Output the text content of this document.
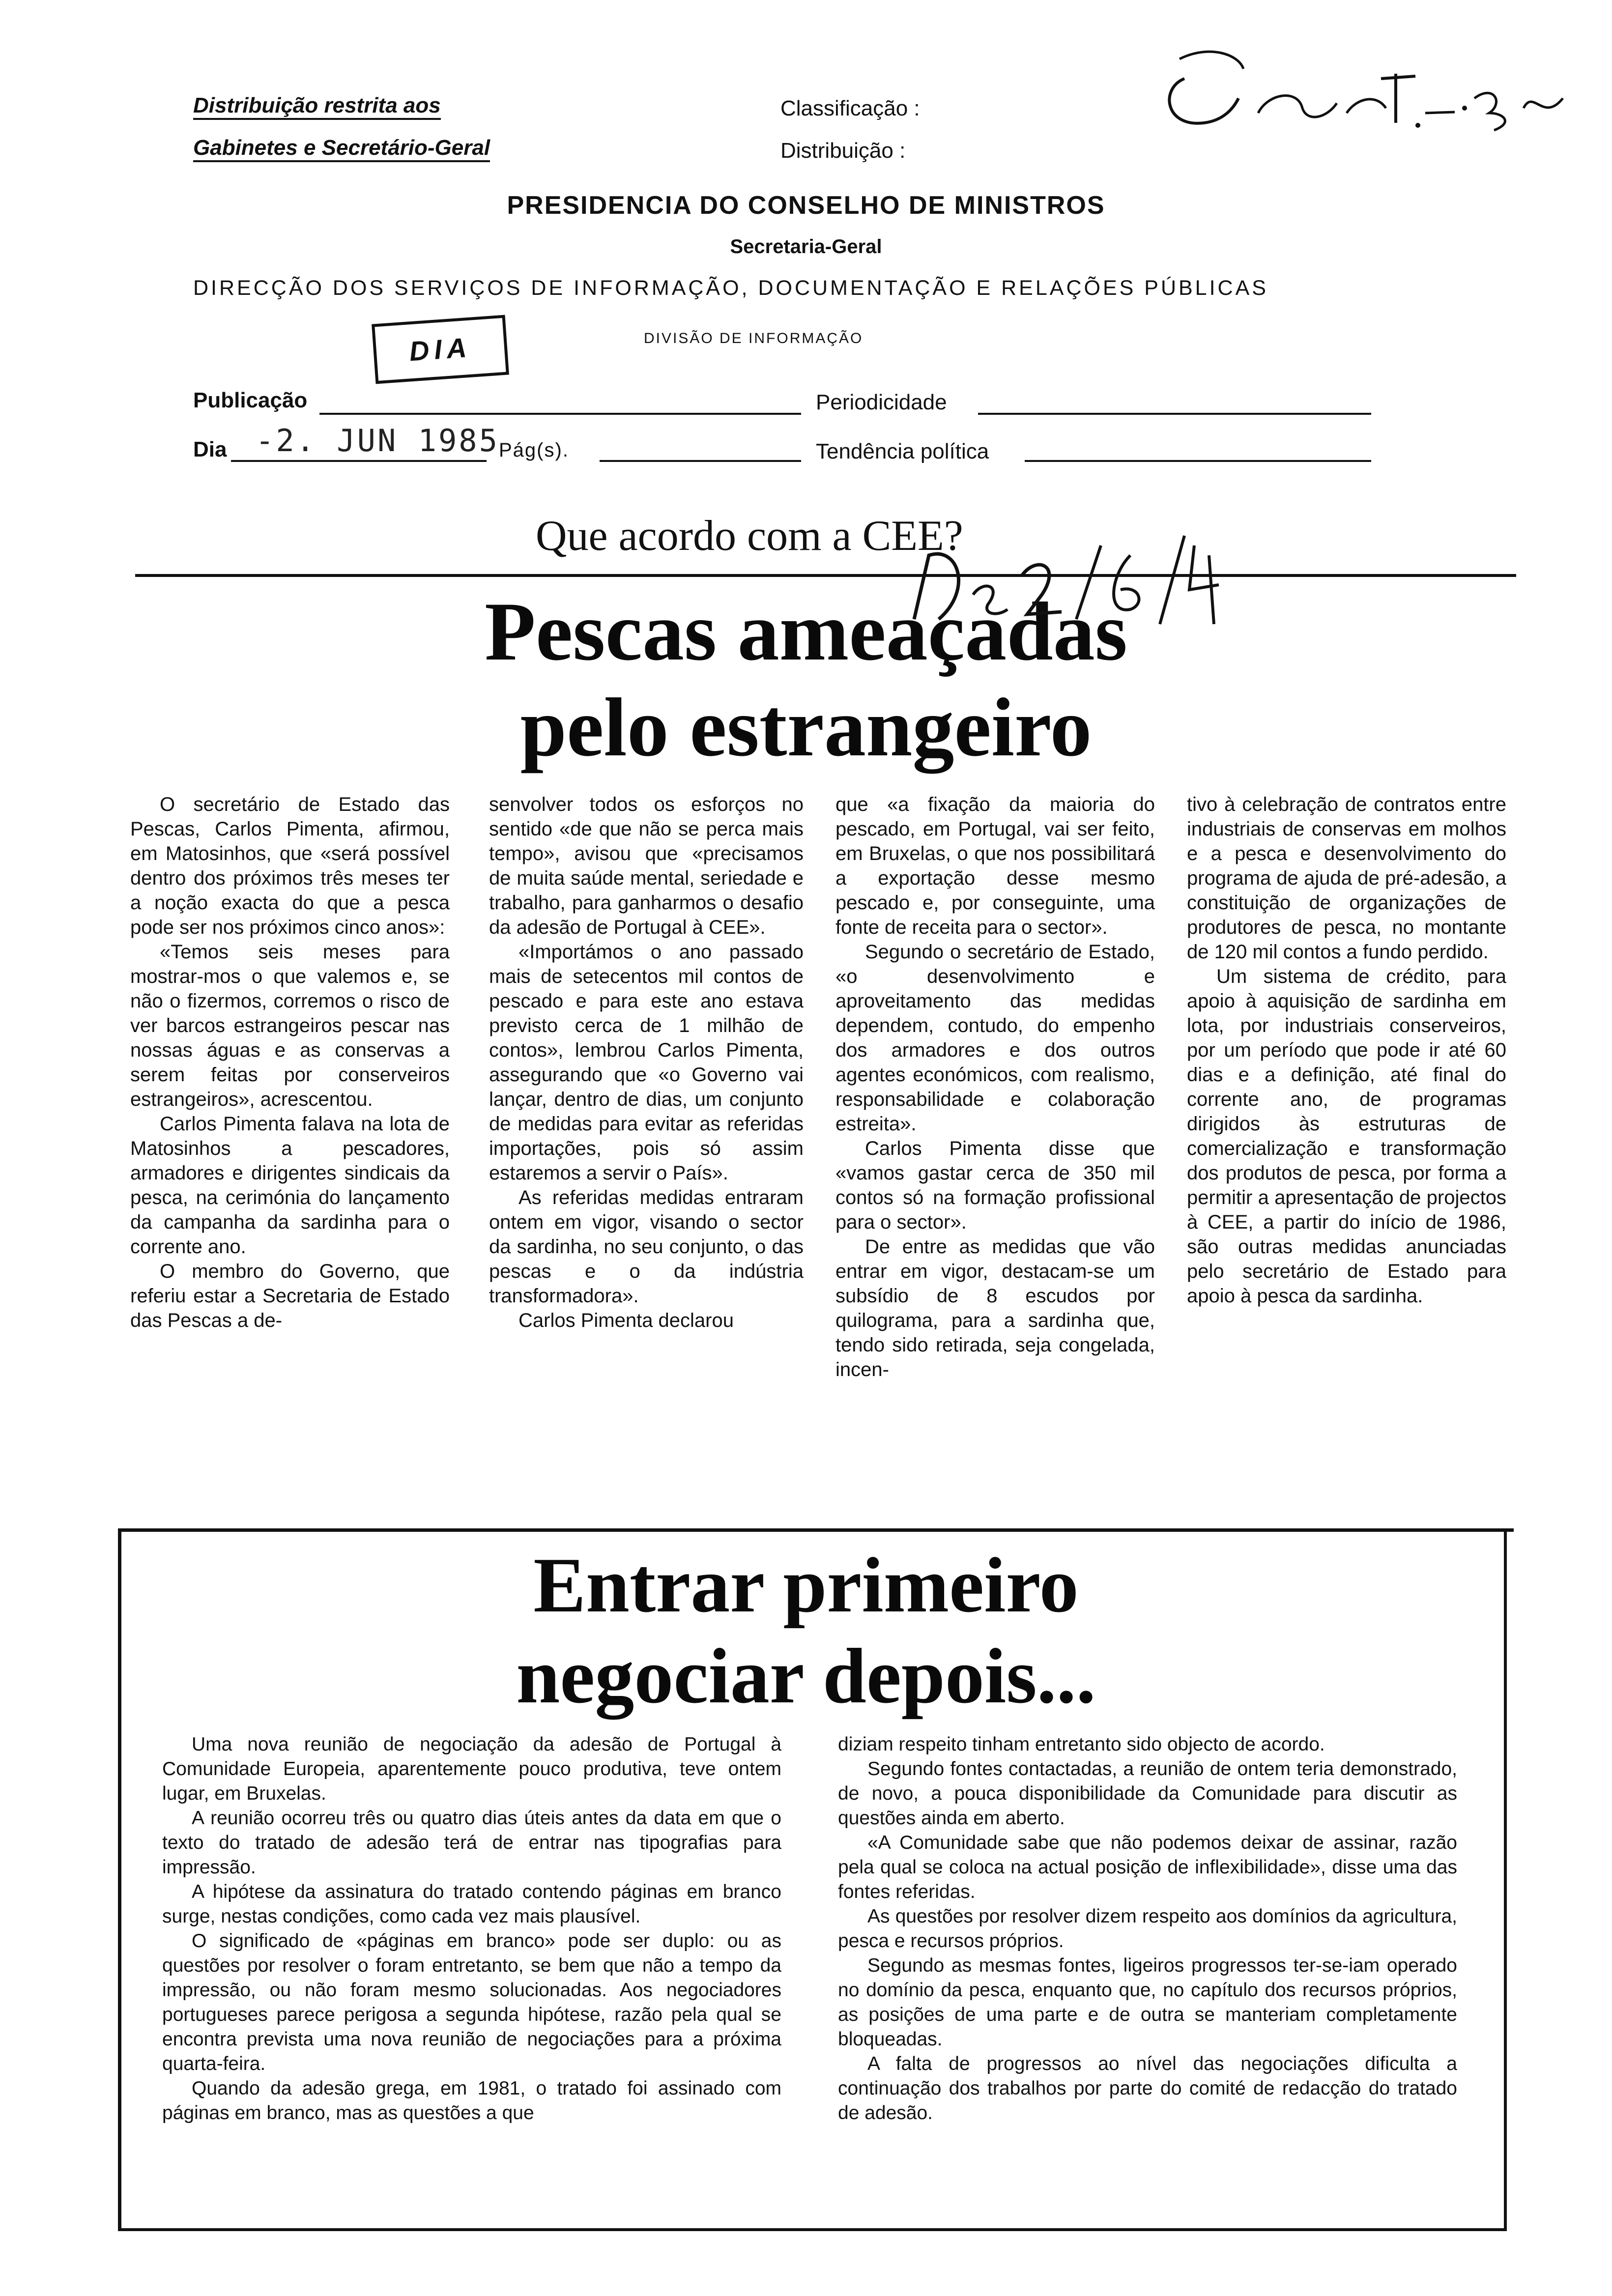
Distribuição restrita aos
Gabinetes e Secretário-Geral
Classificação :
Distribuição :
PRESIDENCIA DO CONSELHO DE MINISTROS
Secretaria-Geral
DIRECÇÃO DOS SERVIÇOS DE INFORMAÇÃO, DOCUMENTAÇÃO E RELAÇÕES PÚBLICAS
DIA	DIVISÃO DE INFORMAÇÃO
Publicação	Periodicidade
Dia -2. JUN 1985 Pág(s).	Tendência política
Que acordo com a CEE?
Pescas ameaçadas
pelo estrangeiro

O secretário de Estado das Pescas, Carlos Pimenta, afirmou, em Matosinhos, que «será possível dentro dos próximos três meses ter a noção exacta do que a pesca pode ser nos próximos cinco anos»:

«Temos seis meses para mostrar-mos o que valemos e, se não o fizermos, corremos o risco de ver barcos estrangeiros pescar nas nossas águas e as conservas a serem feitas por conserveiros estrangeiros», acrescentou.

Carlos Pimenta falava na lota de Matosinhos a pescadores, armadores e dirigentes sindicais da pesca, na cerimónia do lançamento da campanha da sardinha para o corrente ano.

O membro do Governo, que referiu estar a Secretaria de Estado das Pescas a de-

senvolver todos os esforços no sentido «de que não se perca mais tempo», avisou que «precisamos de muita saúde mental, seriedade e trabalho, para ganharmos o desafio da adesão de Portugal à CEE».

«Importámos o ano passado mais de setecentos mil contos de pescado e para este ano estava previsto cerca de 1 milhão de contos», lembrou Carlos Pimenta, assegurando que «o Governo vai lançar, dentro de dias, um conjunto de medidas para evitar as referidas importações, pois só assim estaremos a servir o País».

As referidas medidas entraram ontem em vigor, visando o sector da sardinha, no seu conjunto, o das pescas e o da indústria transformadora».

Carlos Pimenta declarou

que «a fixação da maioria do pescado, em Portugal, vai ser feito, em Bruxelas, o que nos possibilitará a exportação desse mesmo pescado e, por conseguinte, uma fonte de receita para o sector».

Segundo o secretário de Estado, «o desenvolvimento e aproveitamento das medidas dependem, contudo, do empenho dos armadores e dos outros agentes económicos, com realismo, responsabilidade e colaboração estreita».

Carlos Pimenta disse que «vamos gastar cerca de 350 mil contos só na formação profissional para o sector».

De entre as medidas que vão entrar em vigor, destacam-se um subsídio de 8 escudos por quilograma, para a sardinha que, tendo sido retirada, seja congelada, incen-

tivo à celebração de contratos entre industriais de conservas em molhos e a pesca e desenvolvimento do programa de ajuda de pré-adesão, a constituição de organizações de produtores de pesca, no montante de 120 mil contos a fundo perdido.

Um sistema de crédito, para apoio à aquisição de sardinha em lota, por industriais conserveiros, por um período que pode ir até 60 dias e a definição, até final do corrente ano, de programas dirigidos às estruturas de comercialização e transformação dos produtos de pesca, por forma a permitir a apresentação de projectos à CEE, a partir do início de 1986, são outras medidas anunciadas pelo secretário de Estado para apoio à pesca da sardinha.

Entrar primeiro
negociar depois...

Uma nova reunião de negociação da adesão de Portugal à Comunidade Europeia, aparentemente pouco produtiva, teve ontem lugar, em Bruxelas.

A reunião ocorreu três ou quatro dias úteis antes da data em que o texto do tratado de adesão terá de entrar nas tipografias para impressão.

A hipótese da assinatura do tratado contendo páginas em branco surge, nestas condições, como cada vez mais plausível.

O significado de «páginas em branco» pode ser duplo: ou as questões por resolver o foram entretanto, se bem que não a tempo da impressão, ou não foram mesmo solucionadas. Aos negociadores portugueses parece perigosa a segunda hipótese, razão pela qual se encontra prevista uma nova reunião de negociações para a próxima quarta-feira.

Quando da adesão grega, em 1981, o tratado foi assinado com páginas em branco, mas as questões a que

diziam respeito tinham entretanto sido objecto de acordo.

Segundo fontes contactadas, a reunião de ontem teria demonstrado, de novo, a pouca disponibilidade da Comunidade para discutir as questões ainda em aberto.

«A Comunidade sabe que não podemos deixar de assinar, razão pela qual se coloca na actual posição de inflexibilidade», disse uma das fontes referidas.

As questões por resolver dizem respeito aos domínios da agricultura, pesca e recursos próprios.

Segundo as mesmas fontes, ligeiros progressos ter-se-iam operado no domínio da pesca, enquanto que, no capítulo dos recursos próprios, as posições de uma parte e de outra se manteriam completamente bloqueadas.

A falta de progressos ao nível das negociações dificulta a continuação dos trabalhos por parte do comité de redacção do tratado de adesão.
